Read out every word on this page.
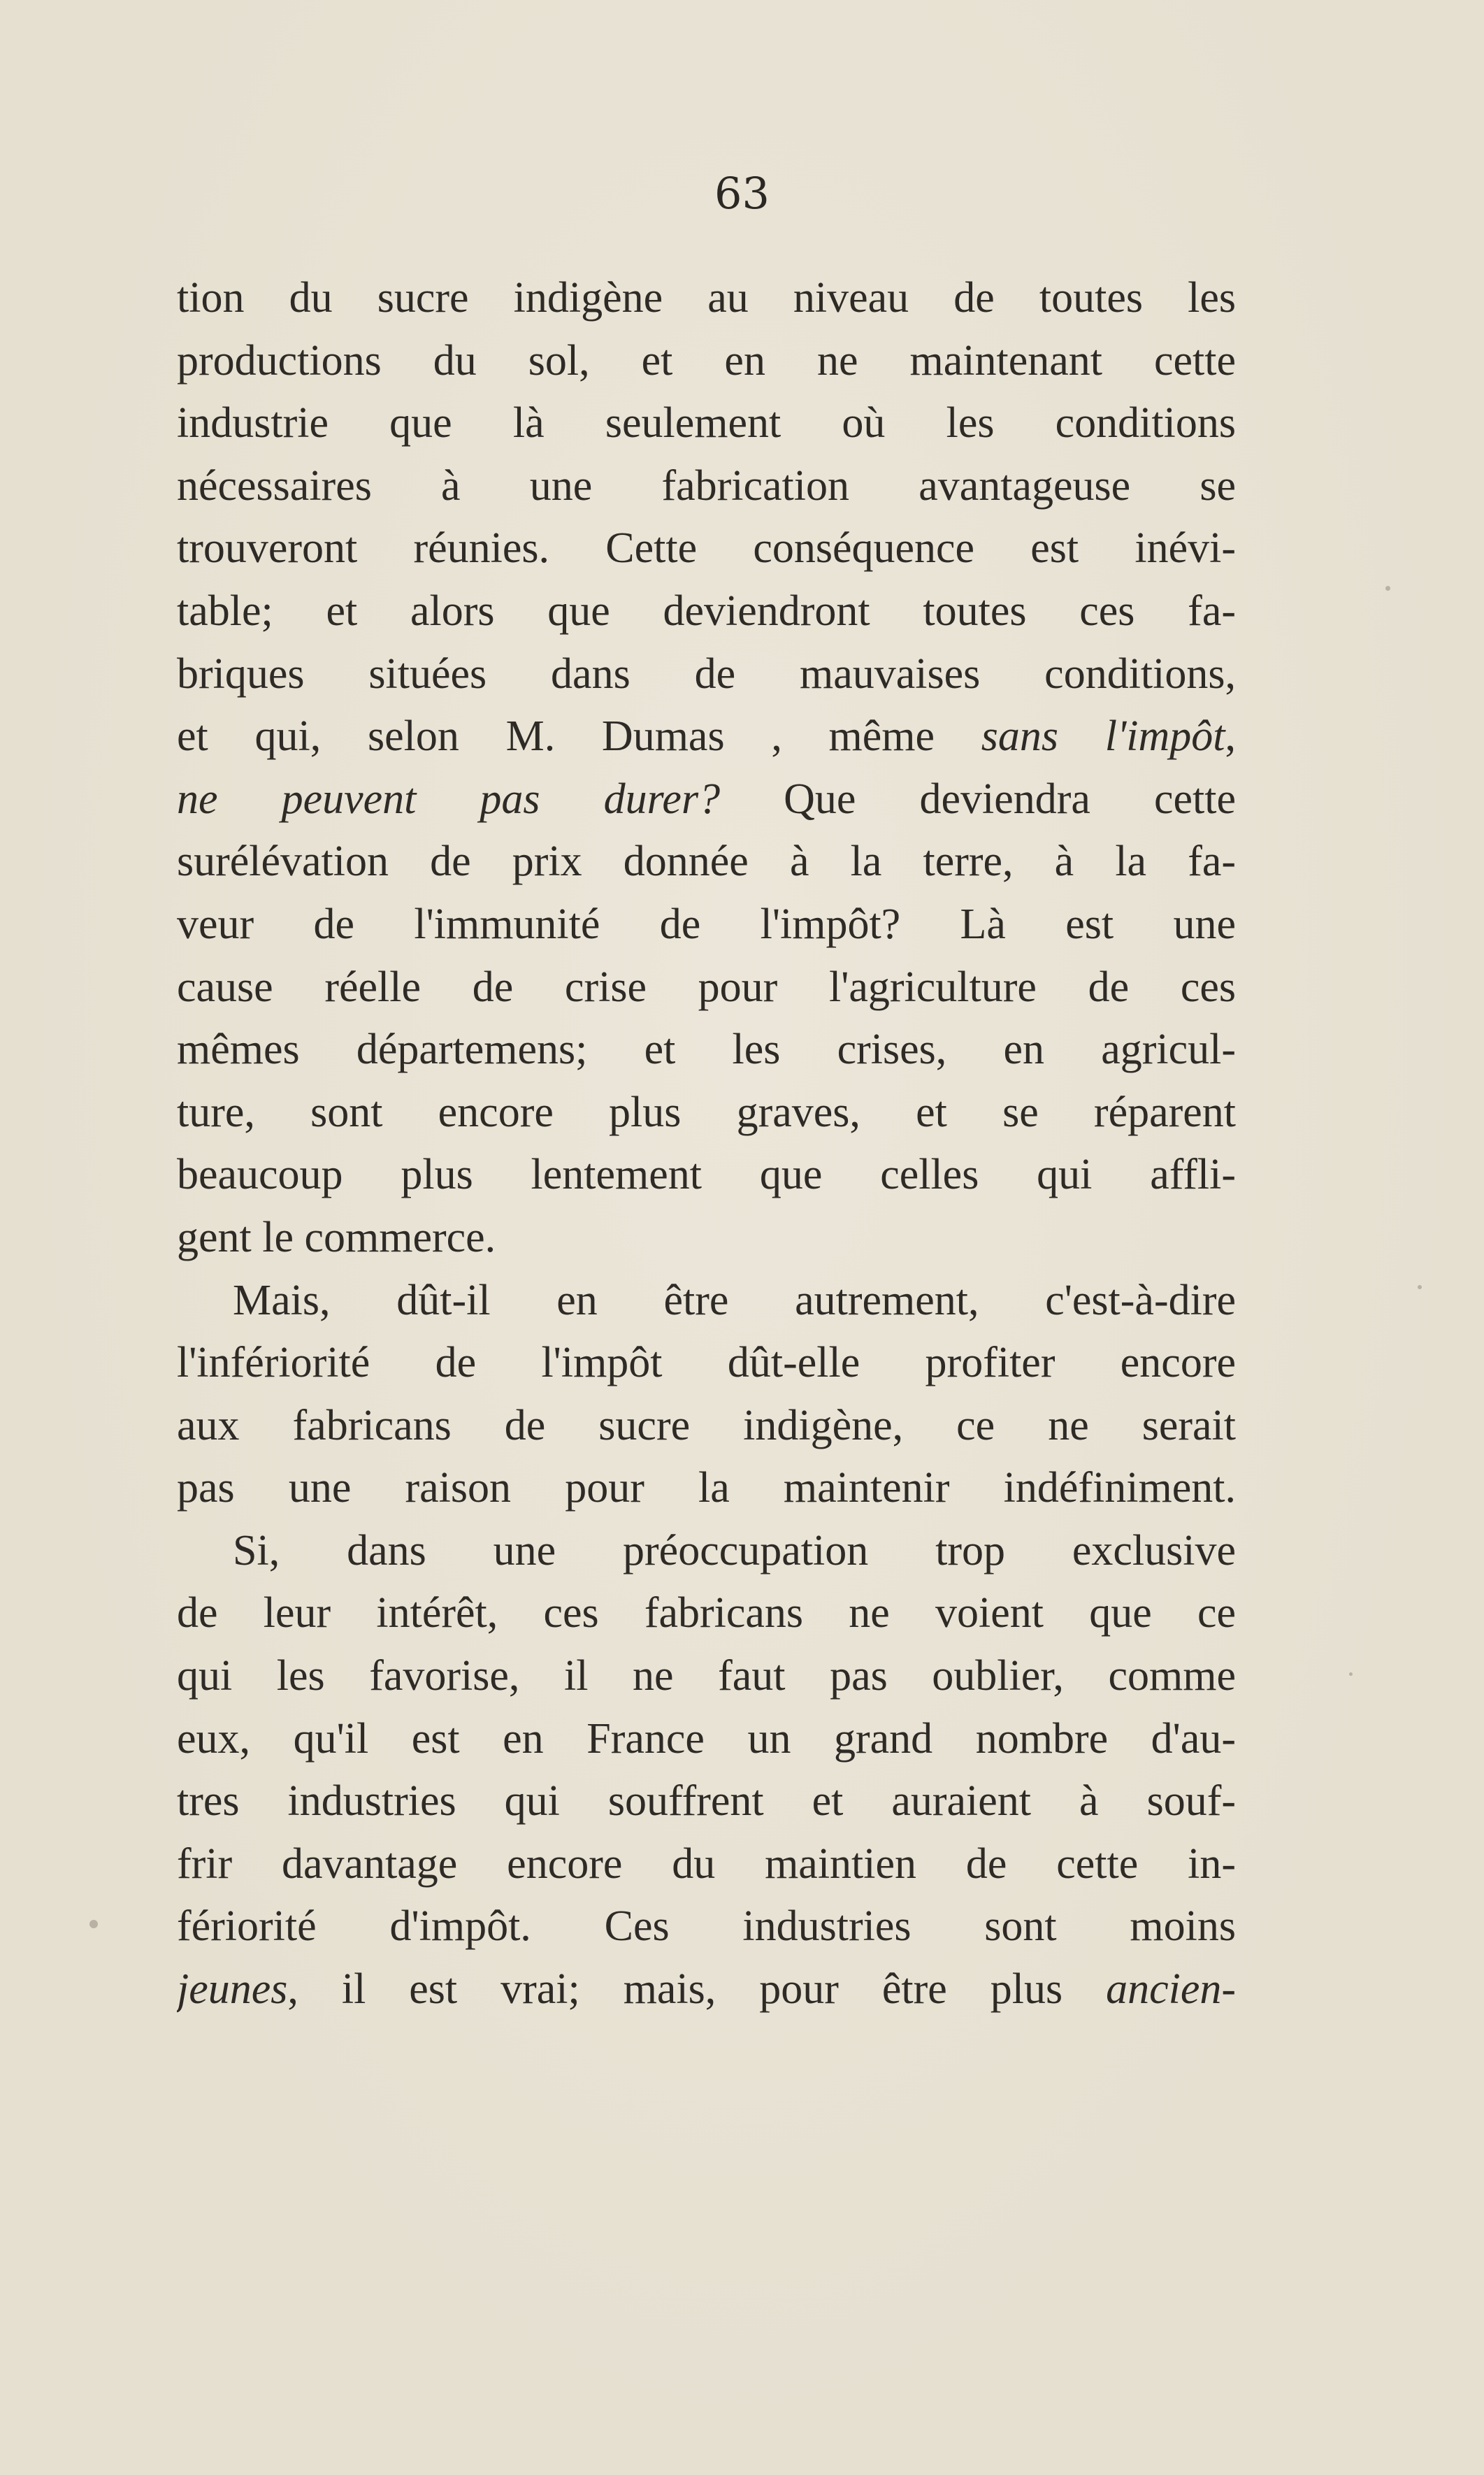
63
tion du sucre indigène au niveau de toutes les
productions du sol, et en ne maintenant cette
industrie que là seulement où les conditions
nécessaires à une fabrication avantageuse se
trouveront réunies. Cette conséquence est inévi-
table; et alors que deviendront toutes ces fa-
briques situées dans de mauvaises conditions,
et qui, selon M. Dumas , même sans l'impôt,
ne peuvent pas durer? Que deviendra cette
surélévation de prix donnée à la terre, à la fa-
veur de l'immunité de l'impôt? Là est une
cause réelle de crise pour l'agriculture de ces
mêmes départemens; et les crises, en agricul-
ture, sont encore plus graves, et se réparent
beaucoup plus lentement que celles qui affli-
gent le commerce.
Mais, dût-il en être autrement, c'est-à-dire
l'infériorité de l'impôt dût-elle profiter encore
aux fabricans de sucre indigène, ce ne serait
pas une raison pour la maintenir indéfiniment.
Si, dans une préoccupation trop exclusive
de leur intérêt, ces fabricans ne voient que ce
qui les favorise, il ne faut pas oublier, comme
eux, qu'il est en France un grand nombre d'au-
tres industries qui souffrent et auraient à souf-
frir davantage encore du maintien de cette in-
fériorité d'impôt. Ces industries sont moins
jeunes, il est vrai; mais, pour être plus ancien-
